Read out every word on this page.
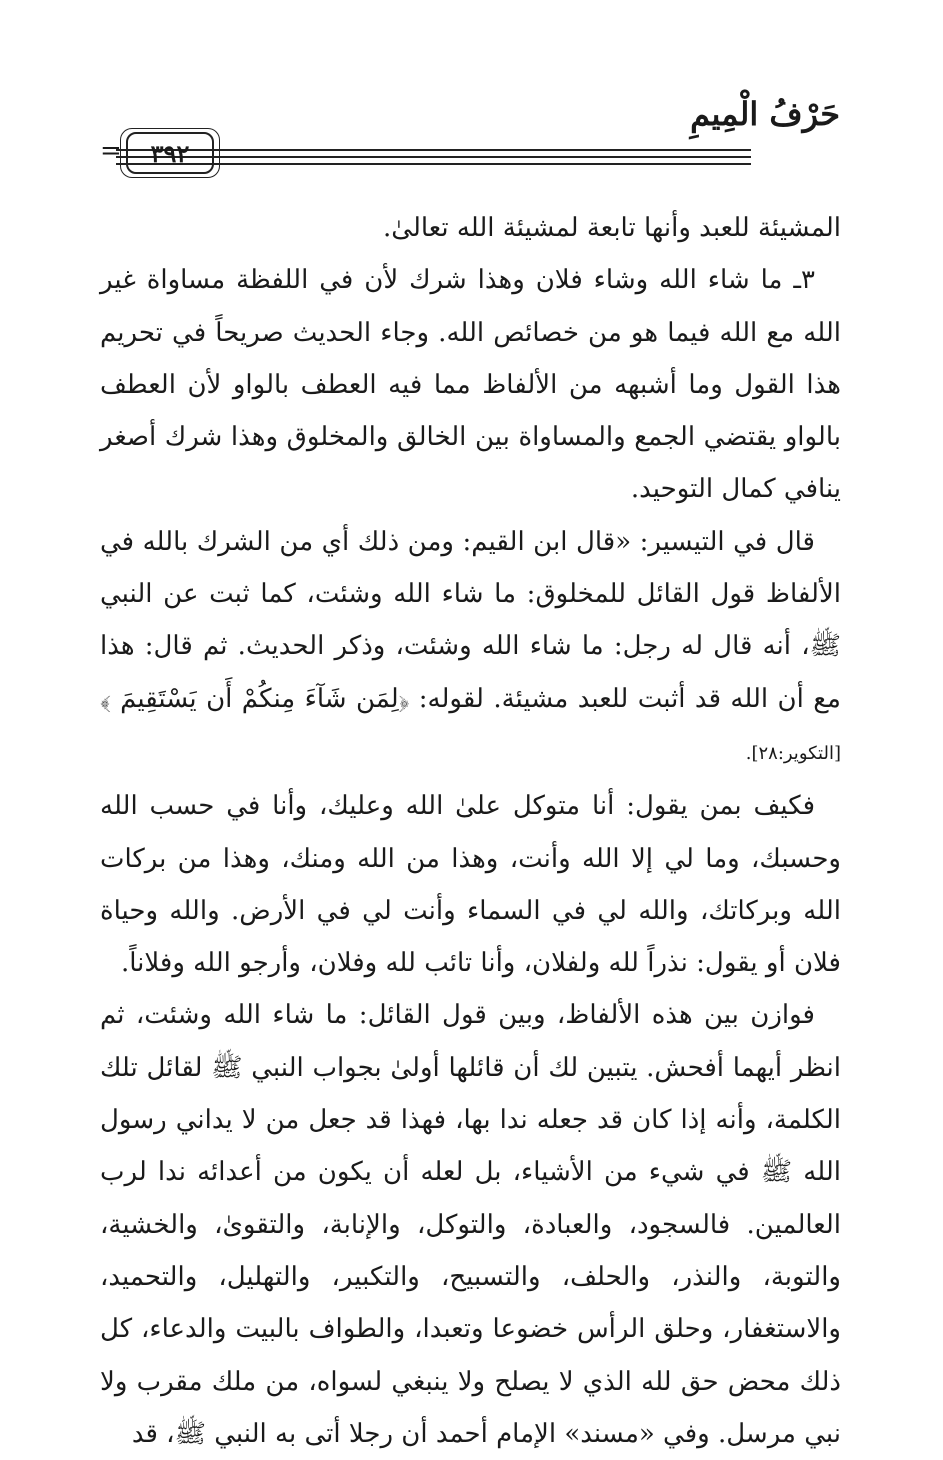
حَرْفُ الْمِيمِ
٣٩٢
=

المشيئة للعبد وأنها تابعة لمشيئة الله تعالىٰ.

٣ـ ما شاء الله وشاء فلان وهذا شرك لأن في اللفظة مساواة غير الله مع الله فيما هو من خصائص الله. وجاء الحديث صريحاً في تحريم هذا القول وما أشبهه من الألفاظ مما فيه العطف بالواو لأن العطف بالواو يقتضي الجمع والمساواة بين الخالق والمخلوق وهذا شرك أصغر ينافي كمال التوحيد.

قال في التيسير: «قال ابن القيم: ومن ذلك أي من الشرك بالله في الألفاظ قول القائل للمخلوق: ما شاء الله وشئت، كما ثبت عن النبي ﷺ، أنه قال له رجل: ما شاء الله وشئت، وذكر الحديث. ثم قال: هذا مع أن الله قد أثبت للعبد مشيئة. لقوله: ﴿لِمَن شَآءَ مِنكُمْ أَن يَسْتَقِيمَ ﴾ [التكوير:٢٨].

فكيف بمن يقول: أنا متوكل علىٰ الله وعليك، وأنا في حسب الله وحسبك، وما لي إلا الله وأنت، وهذا من الله ومنك، وهذا من بركات الله وبركاتك، والله لي في السماء وأنت لي في الأرض. والله وحياة فلان أو يقول: نذراً لله ولفلان، وأنا تائب لله وفلان، وأرجو الله وفلاناً.

فوازن بين هذه الألفاظ، وبين قول القائل: ما شاء الله وشئت، ثم انظر أيهما أفحش. يتبين لك أن قائلها أولىٰ بجواب النبي ﷺ لقائل تلك الكلمة، وأنه إذا كان قد جعله ندا بها، فهذا قد جعل من لا يداني رسول الله ﷺ في شيء من الأشياء، بل لعله أن يكون من أعدائه ندا لرب العالمين. فالسجود، والعبادة، والتوكل، والإنابة، والتقوىٰ، والخشية، والتوبة، والنذر، والحلف، والتسبيح، والتكبير، والتهليل، والتحميد، والاستغفار، وحلق الرأس خضوعا وتعبدا، والطواف بالبيت والدعاء، كل ذلك محض حق لله الذي لا يصلح ولا ينبغي لسواه، من ملك مقرب ولا نبي مرسل. وفي «مسند» الإمام أحمد أن رجلا أتى به النبي ﷺ، قد
